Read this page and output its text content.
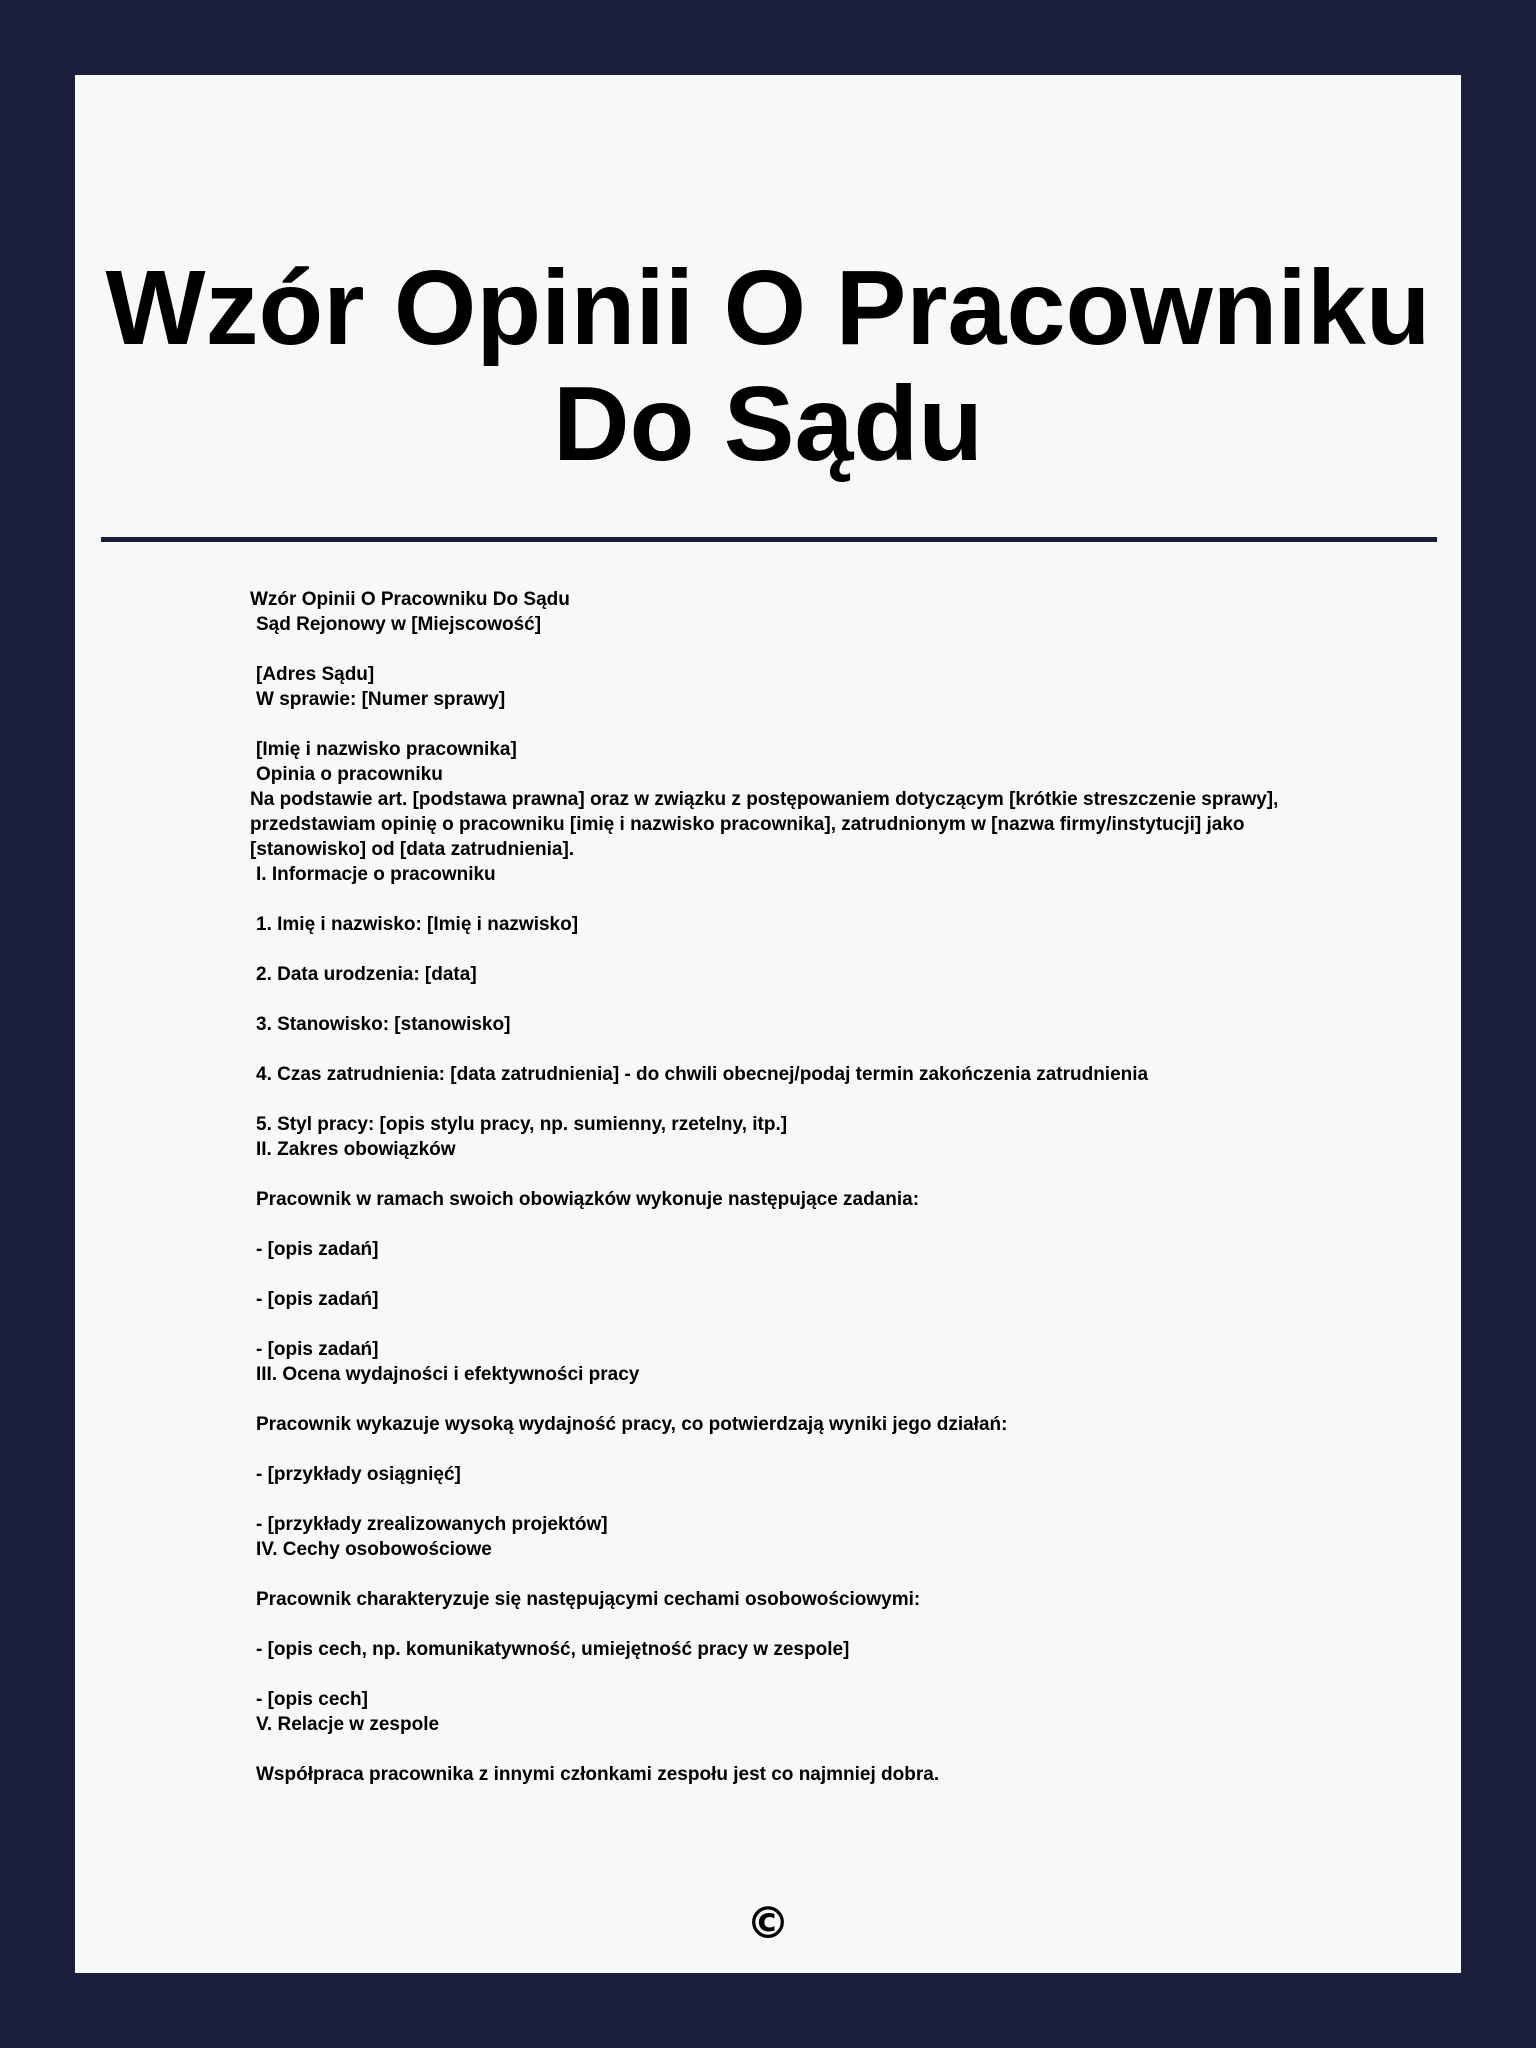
Wzór Opinii O Pracowniku Do Sądu
Wzór Opinii O Pracowniku Do Sądu
Sąd Rejonowy w [Miejscowość]
[Adres Sądu]
W sprawie: [Numer sprawy]
[Imię i nazwisko pracownika]
Opinia o pracowniku
Na podstawie art. [podstawa prawna] oraz w związku z postępowaniem dotyczącym [krótkie streszczenie sprawy], przedstawiam opinię o pracowniku [imię i nazwisko pracownika], zatrudnionym w [nazwa firmy/instytucji] jako [stanowisko] od [data zatrudnienia].
I. Informacje o pracowniku
1. Imię i nazwisko: [Imię i nazwisko]
2. Data urodzenia: [data]
3. Stanowisko: [stanowisko]
4. Czas zatrudnienia: [data zatrudnienia] - do chwili obecnej/podaj termin zakończenia zatrudnienia
5. Styl pracy: [opis stylu pracy, np. sumienny, rzetelny, itp.]
II. Zakres obowiązków
Pracownik w ramach swoich obowiązków wykonuje następujące zadania:
- [opis zadań]
- [opis zadań]
- [opis zadań]
III. Ocena wydajności i efektywności pracy
Pracownik wykazuje wysoką wydajność pracy, co potwierdzają wyniki jego działań:
- [przykłady osiągnięć]
- [przykłady zrealizowanych projektów]
IV. Cechy osobowościowe
Pracownik charakteryzuje się następującymi cechami osobowościowymi:
- [opis cech, np. komunikatywność, umiejętność pracy w zespole]
- [opis cech]
V. Relacje w zespole
Współpraca pracownika z innymi członkami zespołu jest co najmniej dobra.
©
